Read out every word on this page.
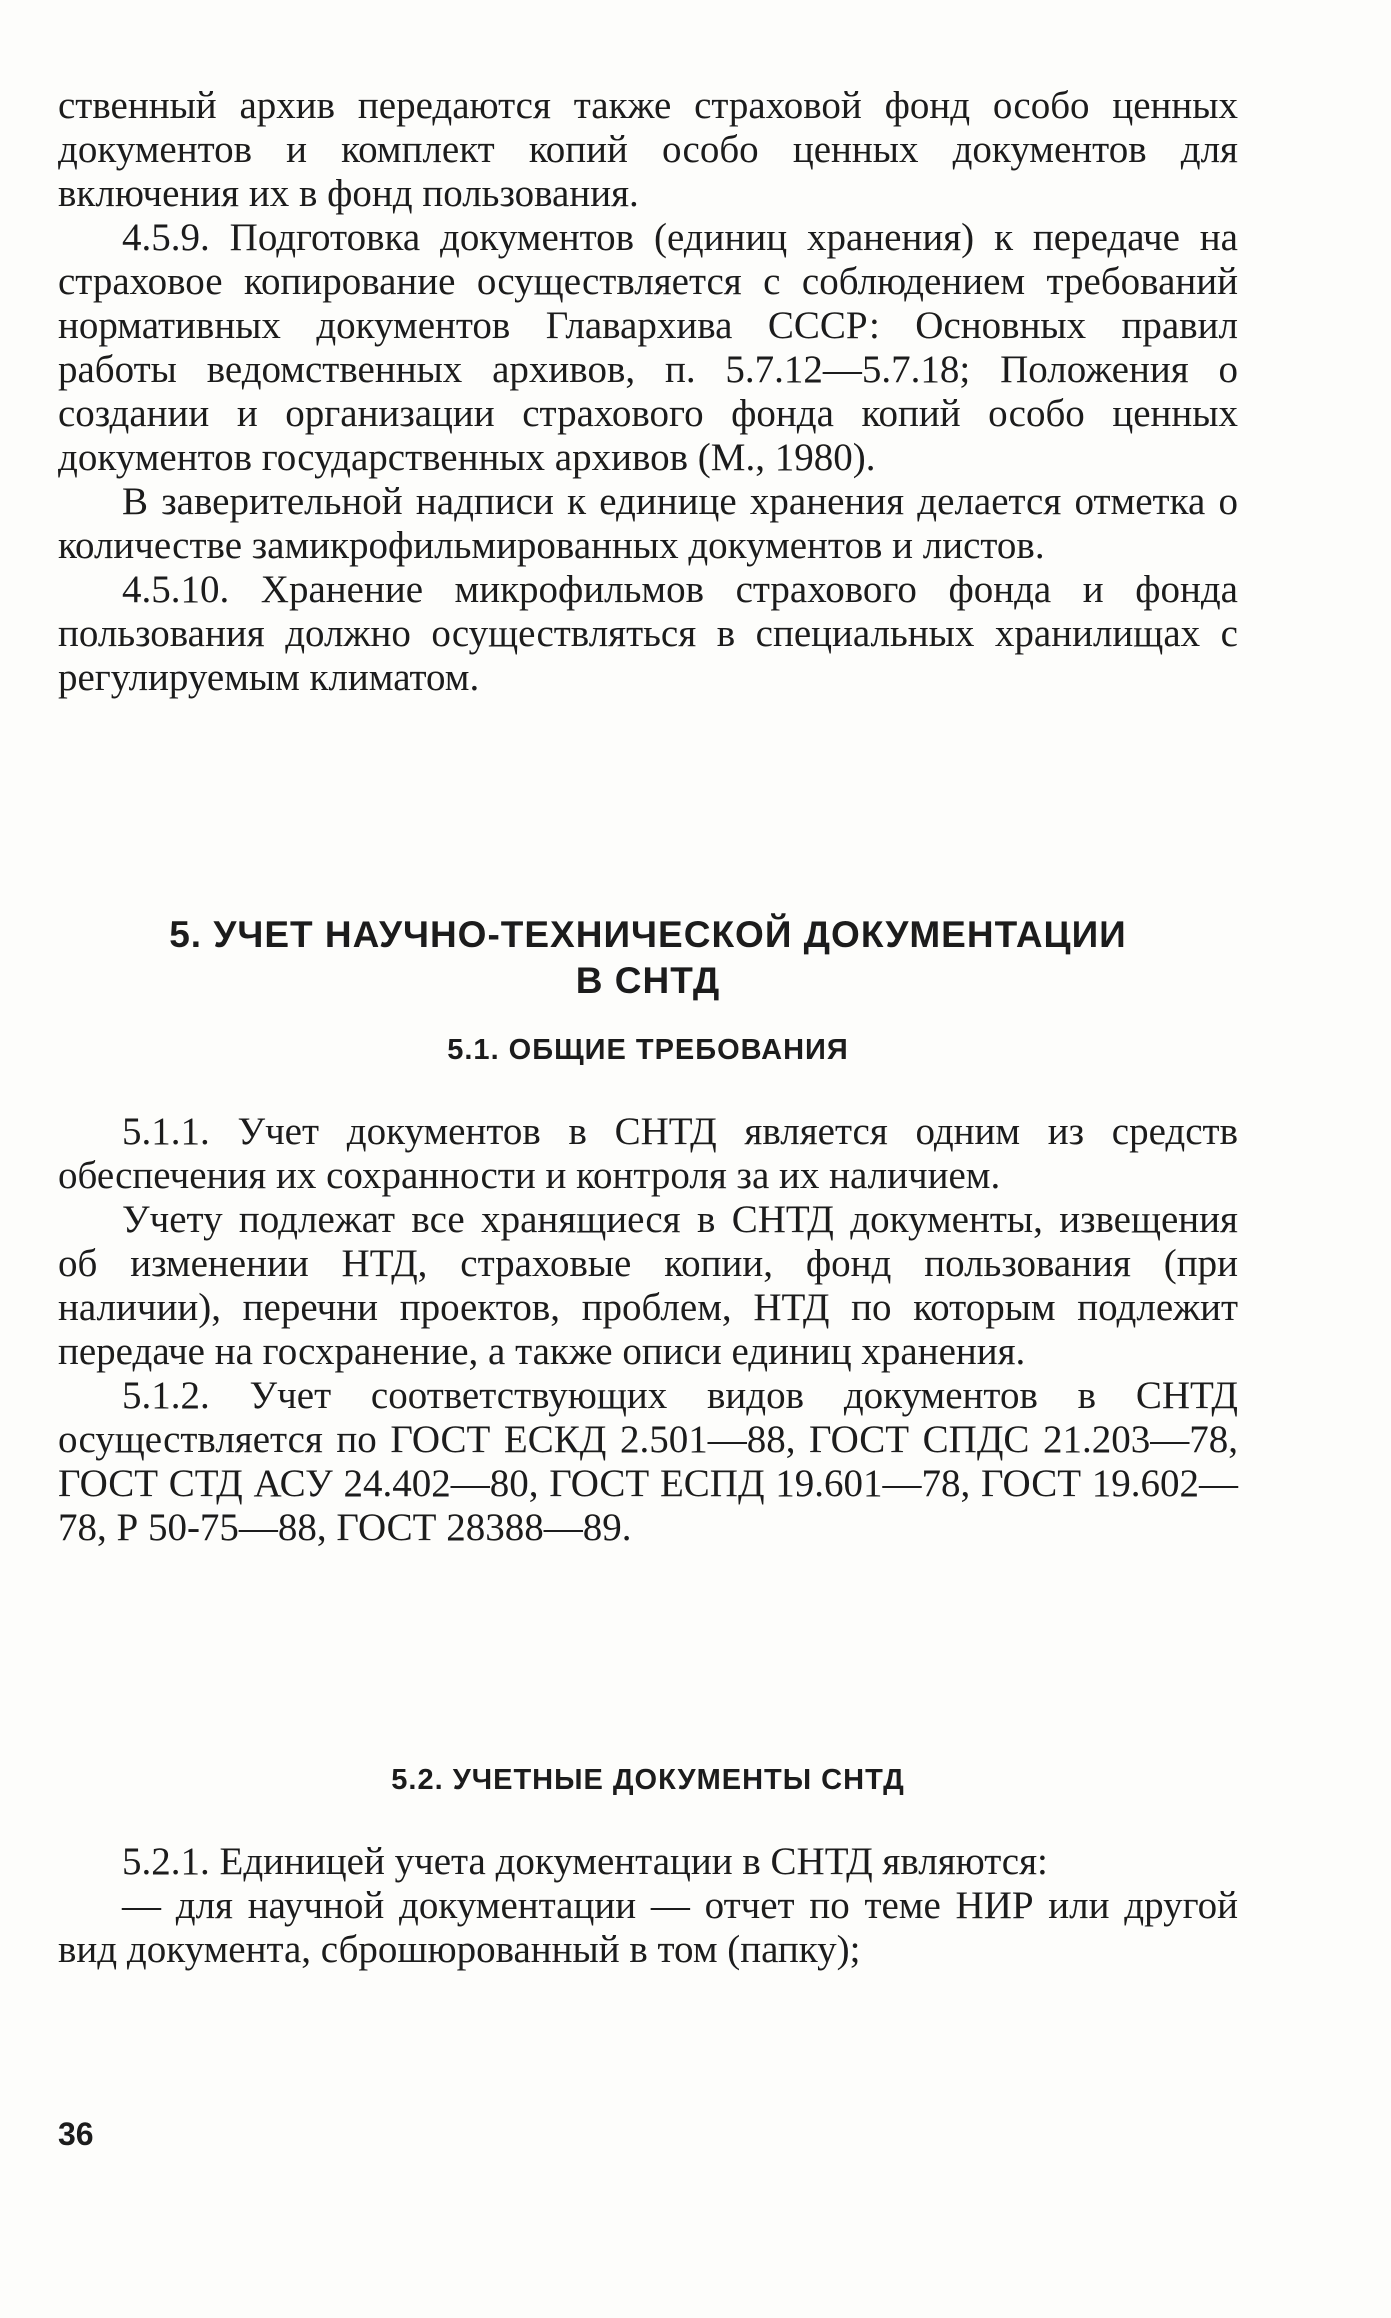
ственный архив передаются также страховой фонд особо ценных документов и комплект копий особо ценных документов для включения их в фонд пользования.

4.5.9. Подготовка документов (единиц хранения) к передаче на страховое копирование осуществляется с соблюдением требований нормативных документов Главархива СССР: Основных правил работы ведомственных архивов, п. 5.7.12—5.7.18; Положения о создании и организации страхового фонда копий особо ценных документов государственных архивов (М., 1980).

В заверительной надписи к единице хранения делается отметка о количестве замикрофильмированных документов и листов.

4.5.10. Хранение микрофильмов страхового фонда и фонда пользования должно осуществляться в специальных хранилищах с регулируемым климатом.

5. УЧЕТ НАУЧНО-ТЕХНИЧЕСКОЙ ДОКУМЕНТАЦИИ
В СНТД
5.1. ОБЩИЕ ТРЕБОВАНИЯ

5.1.1. Учет документов в СНТД является одним из средств обеспечения их сохранности и контроля за их наличием.

Учету подлежат все хранящиеся в СНТД документы, извещения об изменении НТД, страховые копии, фонд пользования (при наличии), перечни проектов, проблем, НТД по которым подлежит передаче на госхранение, а также описи единиц хранения.

5.1.2. Учет соответствующих видов документов в СНТД осуществляется по ГОСТ ЕСКД 2.501—88, ГОСТ СПДС 21.203—78, ГОСТ СТД АСУ 24.402—80, ГОСТ ЕСПД 19.601—78, ГОСТ 19.602—78, Р 50-75—88, ГОСТ 28388—89.

5.2. УЧЕТНЫЕ ДОКУМЕНТЫ СНТД

5.2.1. Единицей учета документации в СНТД являются:

— для научной документации — отчет по теме НИР или другой вид документа, сброшюрованный в том (папку);

36
